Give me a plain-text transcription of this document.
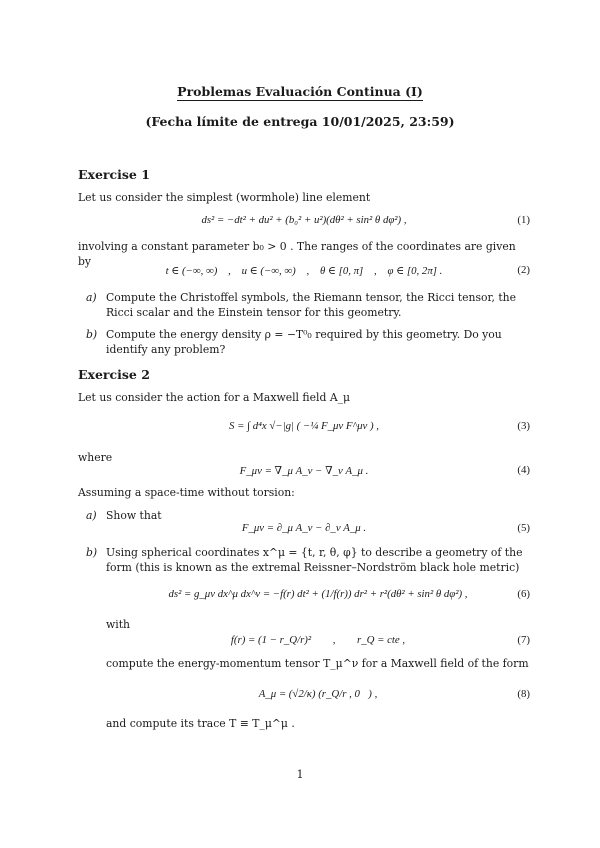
Problemas Evaluación Continua (I)
(Fecha límite de entrega 10/01/2025, 23:59)
Exercise 1
Let us consider the simplest (wormhole) line element
ds² = −dt² + du² + (b₀² + u²)(dθ² + sin² θ dφ²) ,	(1)
involving a constant parameter b₀ > 0 . The ranges of the coordinates are given by
t ∈ (−∞, ∞)    ,    u ∈ (−∞, ∞)    ,    θ ∈ [0, π]    ,    φ ∈ [0, 2π] .	(2)
a) Compute the Christoffel symbols, the Riemann tensor, the Ricci tensor, the Ricci scalar and the Einstein tensor for this geometry.
b) Compute the energy density ρ = −T⁰₀ required by this geometry. Do you identify any problem?
Exercise 2
Let us consider the action for a Maxwell field A_μ
S = ∫ d⁴x √−|g| ( −¼ F_μν F^μν ) ,	(3)
where
F_μν = ∇_μ A_ν − ∇_ν A_μ .	(4)
Assuming a space-time without torsion:
a) Show that
F_μν = ∂_μ A_ν − ∂_ν A_μ .	(5)
b) Using spherical coordinates x^μ = {t, r, θ, φ} to describe a geometry of the form (this is known as the extremal Reissner–Nordström black hole metric)
ds² = g_μν dx^μ dx^ν = −f(r) dt² + (1/f(r)) dr² + r²(dθ² + sin² θ dφ²) ,	(6)
with
f(r) = (1 − r_Q/r)²        ,        r_Q = cte ,	(7)
compute the energy-momentum tensor T_μ^ν for a Maxwell field of the form
A_μ = (√2/κ) (r_Q/r , 0⃗) ,	(8)
and compute its trace T ≡ T_μ^μ .
1
